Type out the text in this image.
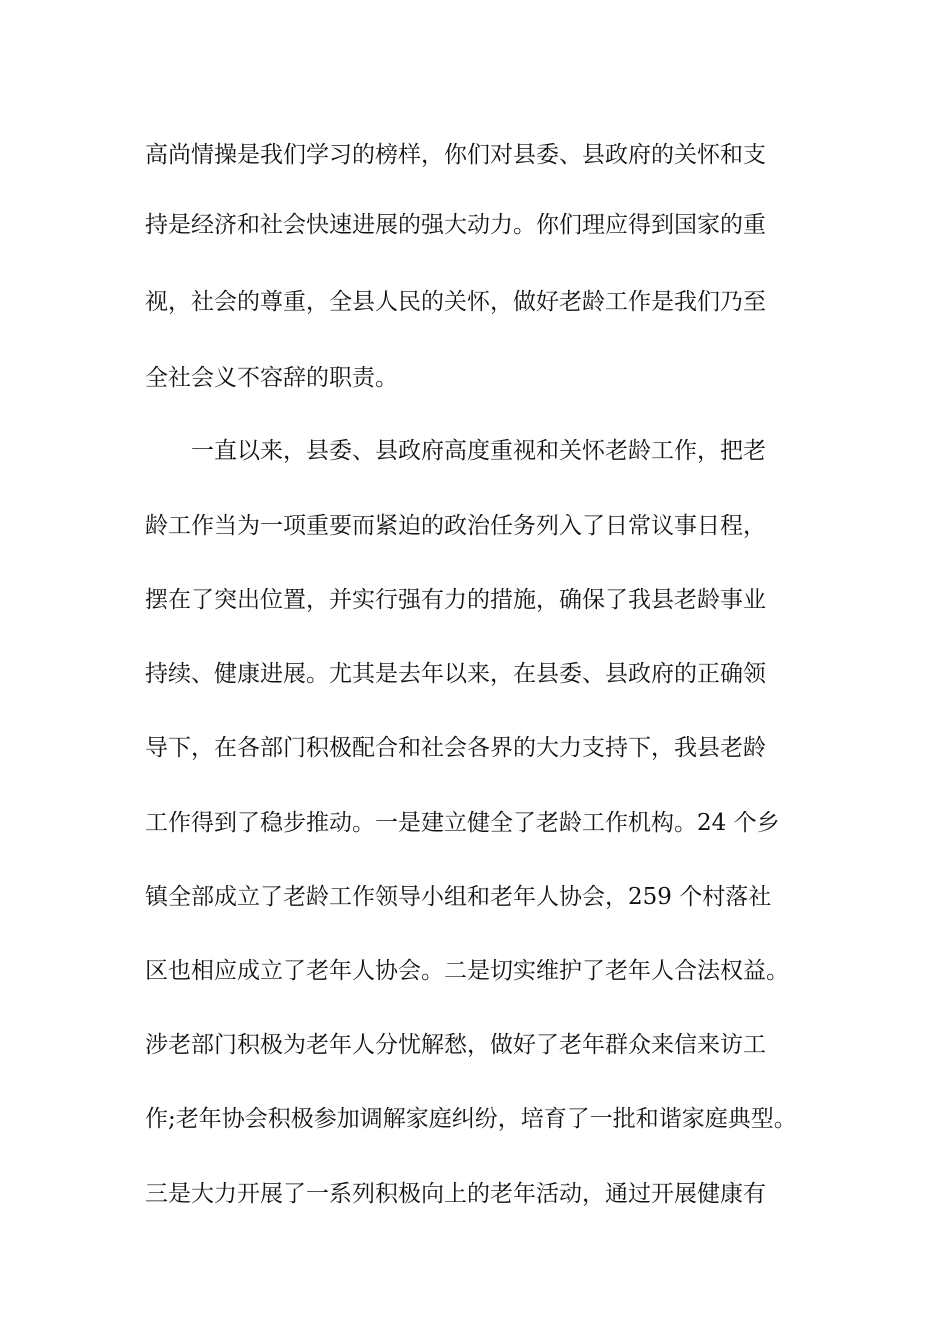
高尚情操是我们学习的榜样，你们对县委、县政府的关怀和支
持是经济和社会快速进展的强大动力。你们理应得到国家的重
视，社会的尊重，全县人民的关怀，做好老龄工作是我们乃至
全社会义不容辞的职责。
　　一直以来，县委、县政府高度重视和关怀老龄工作，把老
龄工作当为一项重要而紧迫的政治任务列入了日常议事日程，
摆在了突出位置，并实行强有力的措施，确保了我县老龄事业
持续、健康进展。尤其是去年以来，在县委、县政府的正确领
导下，在各部门积极配合和社会各界的大力支持下，我县老龄
工作得到了稳步推动。一是建立健全了老龄工作机构。24 个乡
镇全部成立了老龄工作领导小组和老年人协会，259 个村落社
区也相应成立了老年人协会。二是切实维护了老年人合法权益。
涉老部门积极为老年人分忧解愁，做好了老年群众来信来访工
作;老年协会积极参加调解家庭纠纷，培育了一批和谐家庭典型。
三是大力开展了一系列积极向上的老年活动，通过开展健康有
